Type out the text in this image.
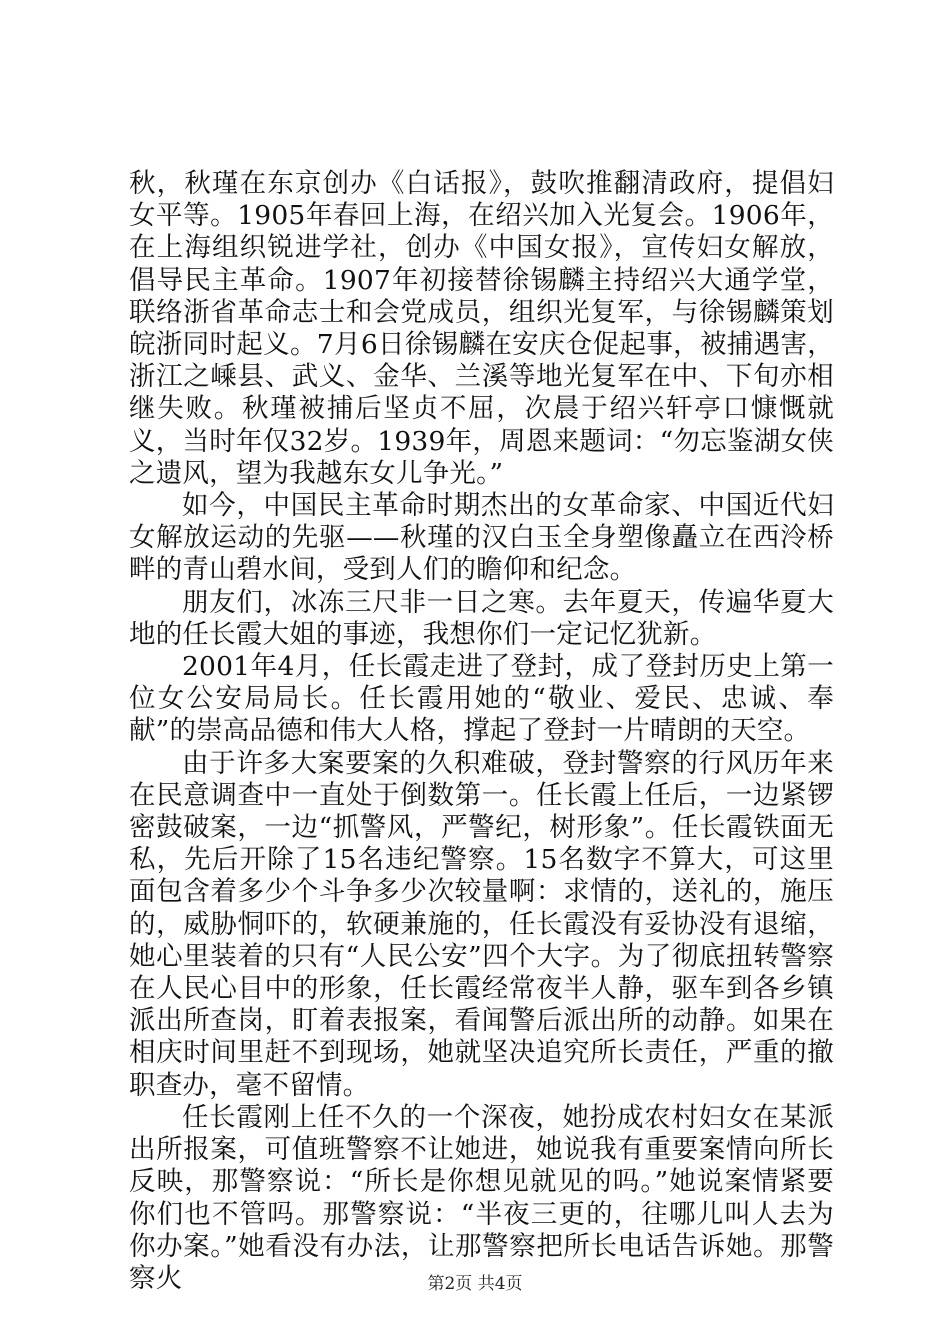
秋，秋瑾在东京创办《白话报》，鼓吹推翻清政府，提倡妇女平等。1905年春回上海，在绍兴加入光复会。1906年，在上海组织锐进学社，创办《中国女报》，宣传妇女解放，倡导民主革命。1907年初接替徐锡麟主持绍兴大通学堂，联络浙省革命志士和会党成员，组织光复军，与徐锡麟策划皖浙同时起义。7月6日徐锡麟在安庆仓促起事，被捕遇害，浙江之嵊县、武义、金华、兰溪等地光复军在中、下旬亦相继失败。秋瑾被捕后坚贞不屈，次晨于绍兴轩亭口慷慨就义，当时年仅32岁。1939年，周恩来题词：“勿忘鉴湖女侠之遗风，望为我越东女儿争光。”

如今，中国民主革命时期杰出的女革命家、中国近代妇女解放运动的先驱——秋瑾的汉白玉全身塑像矗立在西泠桥畔的青山碧水间，受到人们的瞻仰和纪念。

朋友们，冰冻三尺非一日之寒。去年夏天，传遍华夏大地的任长霞大姐的事迹，我想你们一定记忆犹新。

2001年4月，任长霞走进了登封，成了登封历史上第一位女公安局局长。任长霞用她的“敬业、爱民、忠诚、奉献”的崇高品德和伟大人格，撑起了登封一片晴朗的天空。

由于许多大案要案的久积难破，登封警察的行风历年来在民意调查中一直处于倒数第一。任长霞上任后，一边紧锣密鼓破案，一边“抓警风，严警纪，树形象”。任长霞铁面无私，先后开除了15名违纪警察。15名数字不算大，可这里面包含着多少个斗争多少次较量啊：求情的，送礼的，施压的，威胁恫吓的，软硬兼施的，任长霞没有妥协没有退缩，她心里装着的只有“人民公安”四个大字。为了彻底扭转警察在人民心目中的形象，任长霞经常夜半人静，驱车到各乡镇派出所查岗，盯着表报案，看闻警后派出所的动静。如果在相庆时间里赶不到现场，她就坚决追究所长责任，严重的撤职查办，毫不留情。

任长霞刚上任不久的一个深夜，她扮成农村妇女在某派出所报案，可值班警察不让她进，她说我有重要案情向所长反映，那警察说：“所长是你想见就见的吗。”她说案情紧要你们也不管吗。那警察说：“半夜三更的，往哪儿叫人去为你办案。”她看没有办法，让那警察把所长电话告诉她。那警察火	第2页 共4页
